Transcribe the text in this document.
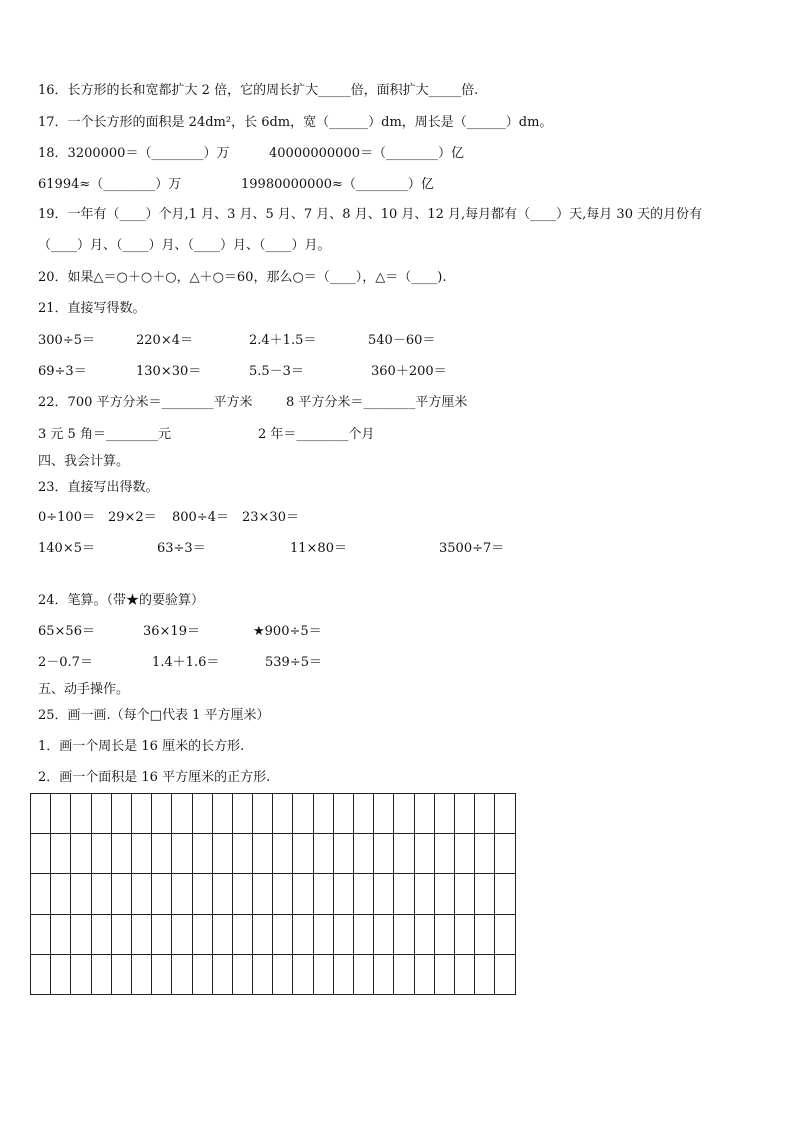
16．长方形的长和宽都扩大 2 倍，它的周长扩大_____倍，面积扩大_____倍.
17．一个长方形的面积是 24dm²，长 6dm，宽（______）dm，周长是（______）dm。
18．3200000＝（________）万	40000000000＝（________）亿
61994≈（________）万	19980000000≈（________）亿
19．一年有（____）个月,1 月、3 月、5 月、7 月、8 月、10 月、12 月,每月都有（____）天,每月 30 天的月份有
（____）月、（____）月、（____）月、（____）月。
20．如果△＝○＋○＋○，△＋○＝60，那么○＝（____），△＝（____).
21．直接写得数。
300÷5＝	220×4＝	2.4＋1.5＝	540－60＝
69÷3＝	130×30＝	5.5－3＝	360＋200＝
22．700 平方分米＝________平方米	8 平方分米＝________平方厘米
3 元 5 角＝________元	2 年＝________个月
四、我会计算。
23．直接写出得数。
0÷100＝ 29×2＝ 800÷4＝ 23×30＝
140×5＝	63÷3＝	11×80＝	3500÷7＝
24．笔算。（带★的要验算）
65×56＝	36×19＝	★900÷5＝
2－0.7＝	1.4＋1.6＝	539÷5＝
五、动手操作。
25．画一画.（每个□代表 1 平方厘米）
1．画一个周长是 16 厘米的长方形.
2．画一个面积是 16 平方厘米的正方形.
